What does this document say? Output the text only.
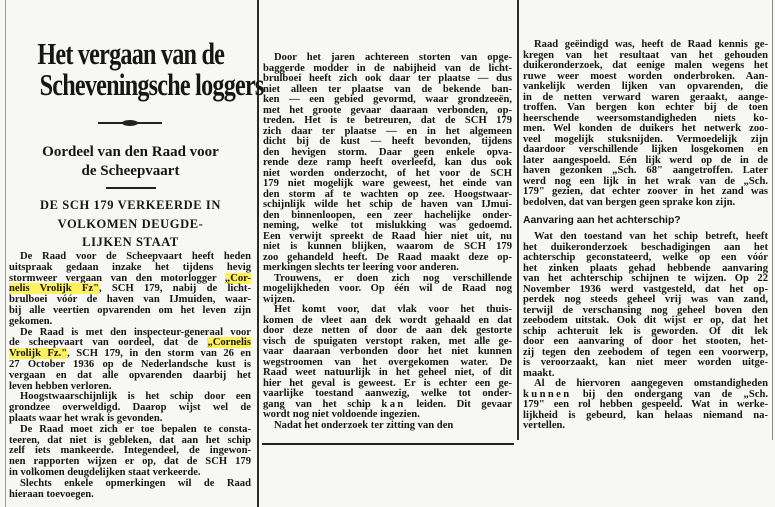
Het vergaan van de
Scheveningsche loggers
Oordeel van den Raad voor
de Scheepvaart
DE SCH 179 VERKEERDE IN
VOLKOMEN DEUGDE-
LIJKEN STAAT
De Raad voor de Scheepvaart heeft heden
uitspraak gedaan inzake het tijdens hevig
stormweer vergaan van den motorlogger „Cor-
nelis Vrolijk Fz", SCH 179, nabij de licht-
brulboei vóór de haven van IJmuiden, waar-
bij alle veertien opvarenden om het leven zijn
gekomen.
De Raad is met den inspecteur-generaal voor
de scheepvaart van oordeel, dat de „Cornelis
Vrolijk Fz.", SCH 179, in den storm van 26 en
27 October 1936 op de Nederlandsche kust is
vergaan en dat alle opvarenden daarbij het
leven hebben verloren.
Hoogstwaarschijnlijk is het schip door een
grondzee overweldigd. Daarop wijst wel de
plaats waar het wrak is gevonden.
De Raad moet zich er toe bepalen te consta-
teeren, dat niet is gebleken, dat aan het schip
zelf iets mankeerde. Integendeel, de ingewon-
nen rapporten wijzen er op, dat de SCH 179
in volkomen deugdelijken staat verkeerde.
Slechts enkele opmerkingen wil de Raad
hieraan toevoegen.
Door het jaren achtereen storten van opge-
baggerde modder in de nabijheid van de licht-
brulboei heeft zich ook daar ter plaatse — dus
niet alleen ter plaatse van de bekende ban-
ken — een gebied gevormd, waar grondzeeën,
met het groote gevaar daaraan verbonden, op-
treden. Het is te betreuren, dat de SCH 179
zich daar ter plaatse — en in het algemeen
dicht bij de kust — heeft bevonden, tijdens
den hevigen storm. Daar geen enkele opva-
rende deze ramp heeft overleefd, kan dus ook
niet worden onderzocht, of het voor de SCH
179 niet mogelijk ware geweest, het einde van
den storm af te wachten op zee. Hoogstwaar-
schijnlijk wilde het schip de haven van IJmui-
den binnenloopen, een zeer hachelijke onder-
neming, welke tot mislukking was gedoemd.
Een verwijt spreekt de Raad hier niet uit, nu
niet is kunnen blijken, waarom de SCH 179
zoo gehandeld heeft. De Raad maakt deze op-
merkingen slechts ter leering voor anderen.
Trouwens, er doen zich nog verschillende
mogelijkheden voor. Op één wil de Raad nog
wijzen.
Het komt voor, dat vlak voor het thuis-
komen de vleet aan dek wordt gehaald en dat
door deze netten of door de aan dek gestorte
visch de spuigaten verstopt raken, met alle ge-
vaar daaraan verbonden door het niet kunnen
wegstroomen van het overgekomen water. De
Raad weet natuurlijk in het geheel niet, of dit
hier het geval is geweest. Er is echter een ge-
vaarlijke toestand aanwezig, welke tot onder-
gang van het schip kan leiden. Dit gevaar
wordt nog niet voldoende ingezien.
Nadat het onderzoek ter zitting van den
Raad geëindigd was, heeft de Raad kennis ge-
kregen van het resultaat van het gehouden
duikeronderzoek, dat eenige malen wegens het
ruwe weer moest worden onderbroken. Aan-
vankelijk werden lijken van opvarenden, die
in de netten verward waren geraakt, aange-
troffen. Van bergen kon echter bij de toen
heerschende weersomstandigheden niets ko-
men. Wel konden de duikers het netwerk zoo-
veel mogelijk stuksnijden. Vermoedelijk zijn
daardoor verschillende lijken losgekomen en
later aangespoeld. Eén lijk werd op de in de
haven gezonken „Sch. 68" aangetroffen. Later
werd nog een lijk in het wrak van de „Sch.
179" gezien, dat echter zoover in het zand was
bedolven, dat van bergen geen sprake kon zijn.
Aanvaring aan het achterschip?
Wat den toestand van het schip betreft, heeft
het duikeronderzoek beschadigingen aan het
achterschip geconstateerd, welke op een vóór
het zinken plaats gehad hebbende aanvaring
van het achterschip schijnen te wijzen. Op 22
November 1936 werd vastgesteld, dat het op-
perdek nog steeds geheel vrij was van zand,
terwijl de verschansing nog geheel boven den
zeebodem uitstak. Ook dit wijst er op, dat het
schip achteruit lek is geworden. Of dit lek
door een aanvaring of door het stooten, het-
zij tegen den zeebodem of tegen een voorwerp,
is veroorzaakt, kan niet meer worden uitge-
maakt.
Al de hiervoren aangegeven omstandigheden
kunnen bij den ondergang van de „Sch.
179" een rol hebben gespeeld. Wat in werke-
lijkheid is gebeurd, kan helaas niemand na-
vertellen.
